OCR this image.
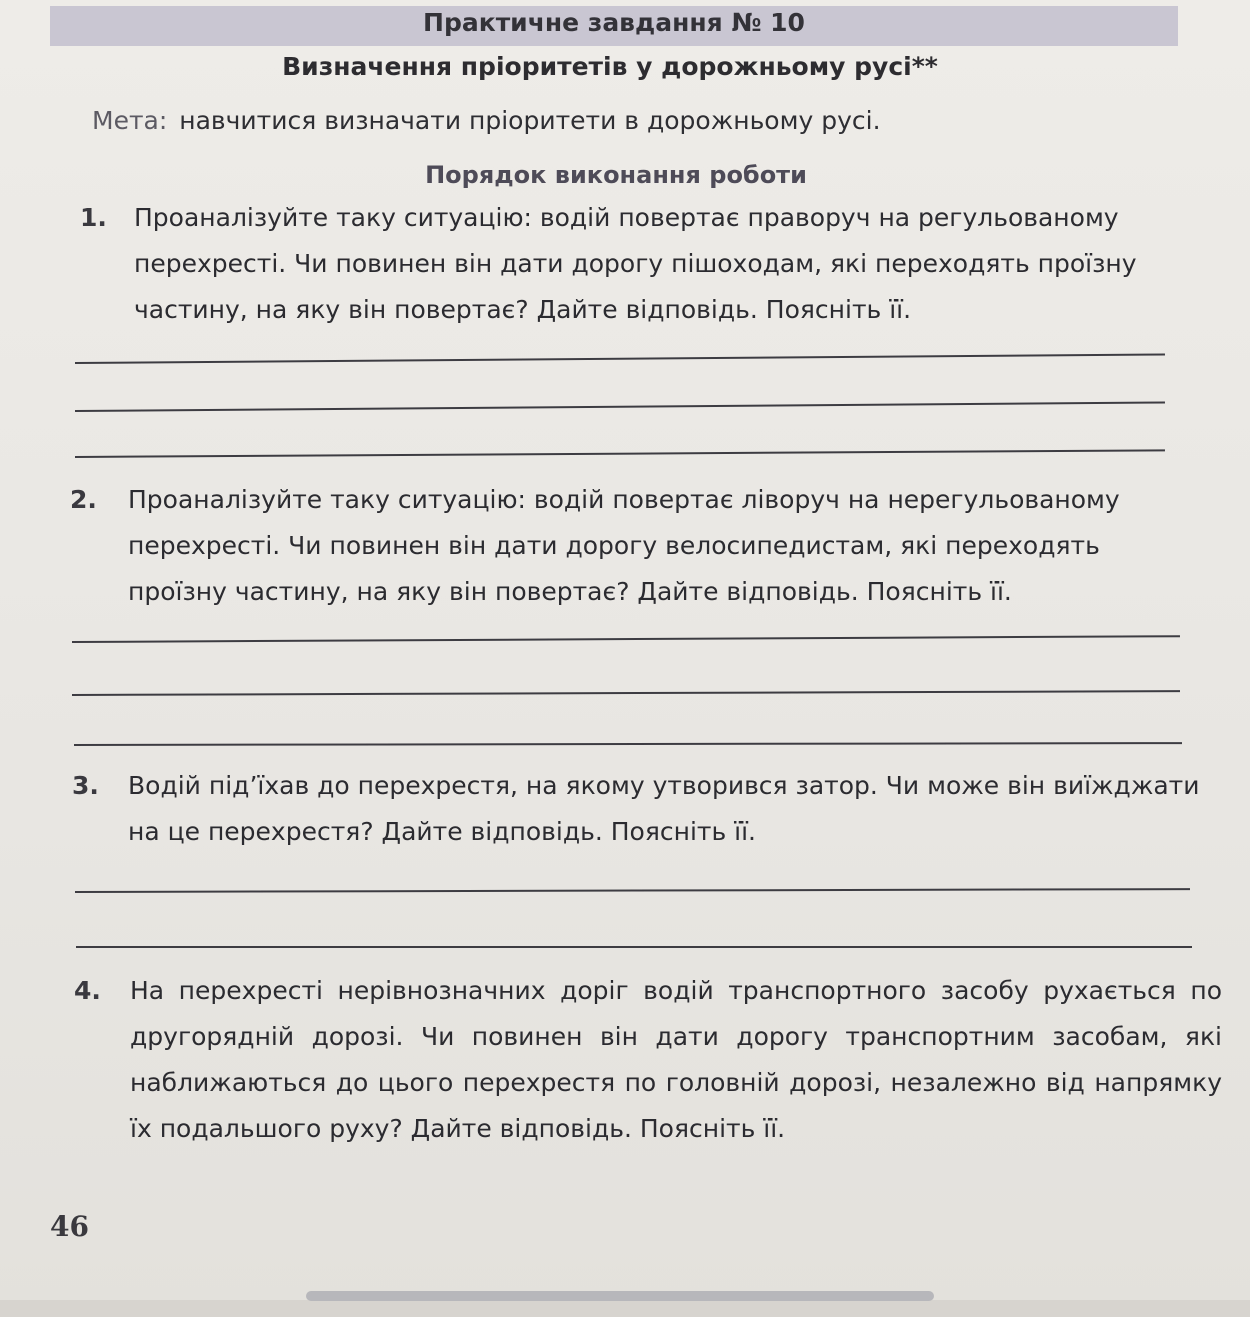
Практичне завдання № 10
Визначення пріоритетів у дорожньому русі**
Мета: навчитися визначати пріоритети в дорожньому русі.
Порядок виконання роботи
1. Проаналізуйте таку ситуацію: водій повертає праворуч на регульованому перехресті. Чи повинен він дати дорогу пішоходам, які переходять проїзну частину, на яку він повертає? Дайте відповідь. Поясніть її.
2. Проаналізуйте таку ситуацію: водій повертає ліворуч на нерегульованому перехресті. Чи повинен він дати дорогу велосипедистам, які переходять проїзну частину, на яку він повертає? Дайте відповідь. Поясніть її.
3. Водій під’їхав до перехрестя, на якому утворився затор. Чи може він виїжджати на це перехрестя? Дайте відповідь. Поясніть її.
4. На перехресті нерівнозначних доріг водій транспортного засобу рухається по другорядній дорозі. Чи повинен він дати дорогу транспортним засобам, які наближаються до цього перехрестя по головній дорозі, незалежно від напрямку їх подальшого руху? Дайте відповідь. Поясніть її.
46
